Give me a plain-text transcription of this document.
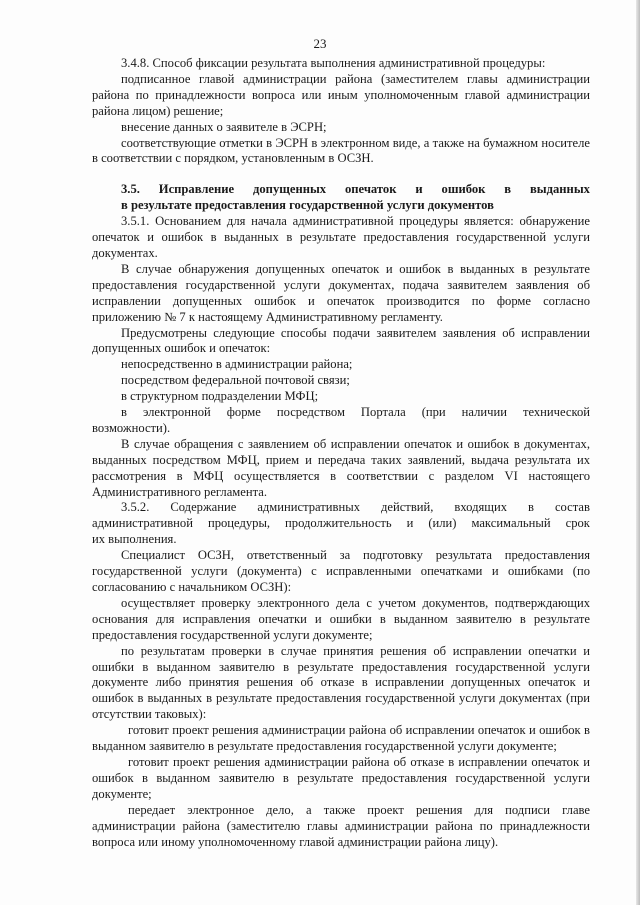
23

3.4.8. Способ фиксации результата выполнения административной процедуры:

подписанное главой администрации района (заместителем главы администрации района по принадлежности вопроса или иным уполномоченным главой администрации района лицом) решение;

внесение данных о заявителе в ЭСРН;

соответствующие отметки в ЭСРН в электронном виде, а также на бумажном носителе в соответствии с порядком, установленным в ОСЗН.

3.5. Исправление допущенных опечаток и ошибок в выданных

в результате предоставления государственной услуги документов

3.5.1. Основанием для начала административной процедуры является: обнаружение опечаток и ошибок в выданных в результате предоставления государственной услуги документах.

В случае обнаружения допущенных опечаток и ошибок в выданных в результате предоставления государственной услуги документах, подача заявителем заявления об исправлении допущенных ошибок и опечаток производится по форме согласно приложению № 7 к настоящему Административному регламенту.

Предусмотрены следующие способы подачи заявителем заявления об исправлении допущенных ошибок и опечаток:

непосредственно в администрации района;

посредством федеральной почтовой связи;

в структурном подразделении МФЦ;

в электронной форме посредством Портала (при наличии технической

возможности).

В случае обращения с заявлением об исправлении опечаток и ошибок в документах, выданных посредством МФЦ, прием и передача таких заявлений, выдача результата их рассмотрения в МФЦ осуществляется в соответствии с разделом VI настоящего Административного регламента.

3.5.2. Содержание административных действий, входящих в состав
административной процедуры, продолжительность и (или) максимальный срок

их выполнения.

Специалист ОСЗН, ответственный за подготовку результата предоставления государственной услуги (документа) с исправленными опечатками и ошибками (по согласованию с начальником ОСЗН):

осуществляет проверку электронного дела с учетом документов, подтверждающих основания для исправления опечатки и ошибки в выданном заявителю в результате предоставления государственной услуги документе;

по результатам проверки в случае принятия решения об исправлении опечатки и ошибки в выданном заявителю в результате предоставления государственной услуги документе либо принятия решения об отказе в исправлении допущенных опечаток и ошибок в выданных в результате предоставления государственной услуги документах (при отсутствии таковых):

готовит проект решения администрации района об исправлении опечаток и ошибок в выданном заявителю в результате предоставления государственной услуги документе;

готовит проект решения администрации района об отказе в исправлении опечаток и ошибок в выданном заявителю в результате предоставления государственной услуги документе;

передает электронное дело, а также проект решения для подписи главе администрации района (заместителю главы администрации района по принадлежности вопроса или иному уполномоченному главой администрации района лицу).
